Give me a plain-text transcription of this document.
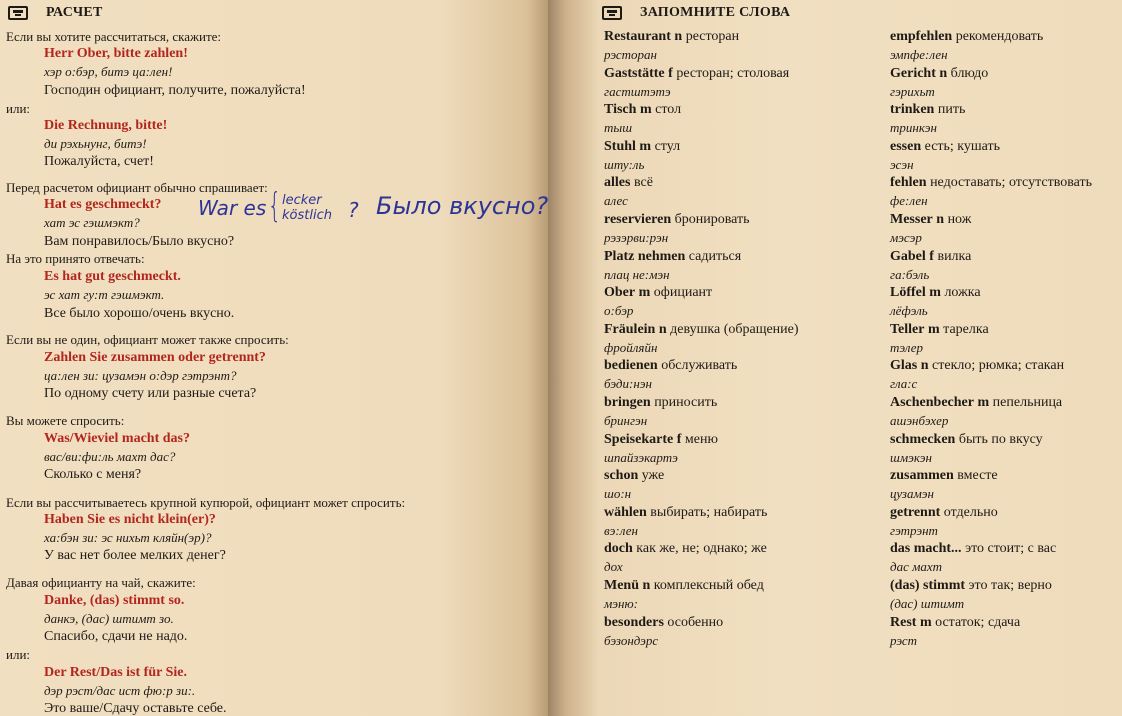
РАСЧЕТ
Если вы хотите рассчитаться, скажите:
Herr Ober, bitte zahlen!
хэр о:бэр, битэ ца:лен!
Господин официант, получите, пожалуйста!
или:
Die Rechnung, bitte!
ди рэхьнунг, битэ!
Пожалуйста, счет!
Перед расчетом официант обычно спрашивает:
Hat es geschmeckt?
хат эс гэшмэкт?
Вам понравилось/Было вкусно?
На это принято отвечать:
Es hat gut geschmeckt.
эс хат гу:т гэшмэкт.
Все было хорошо/очень вкусно.
Если вы не один, официант может также спросить:
Zahlen Sie zusammen oder getrennt?
ца:лен зи: цузамэн о:дэр гэтрэнт?
По одному счету или разные счета?
Вы можете спросить:
Was/Wieviel macht das?
вас/ви:фи:ль махт дас?
Сколько с меня?
Если вы рассчитываетесь крупной купюрой, официант может спросить:
Haben Sie es nicht klein(er)?
ха:бэн зи: эс нихьт кляйн(эр)?
У вас нет более мелких денег?
Давая официанту на чай, скажите:
Danke, (das) stimmt so.
данкэ, (дас) штимт зо.
Спасибо, сдачи не надо.
или:
Der Rest/Das ist für Sie.
дэр рэст/дас ист фю:р зи:.
Это ваше/Сдачу оставьте себе.
War es { lecker
köstlich ? Было вкусно?
ЗАПОМНИТЕ СЛОВА
Restaurant n ресторан
рэсторан
Gaststätte f ресторан; столовая
гастштэтэ
Tisch m стол
тыш
Stuhl m стул
шту:ль
alles всё
алес
reservieren бронировать
рэзэрви:рэн
Platz nehmen садиться
плац не:мэн
Ober m официант
о:бэр
Fräulein n девушка (обращение)
фройляйн
bedienen обслуживать
бэди:нэн
bringen приносить
брингэн
Speisekarte f меню
шпайзэкартэ
schon уже
шо:н
wählen выбирать; набирать
вэ:лен
doch как же, не; однако; же
дох
Menü n комплексный обед
мэню:
besonders особенно
бэзондэрс
empfehlen рекомендовать
эмпфе:лен
Gericht n блюдо
гэрихьт
trinken пить
тринкэн
essen есть; кушать
эсэн
fehlen недоставать; отсутствовать
фе:лен
Messer n нож
мэсэр
Gabel f вилка
га:бэль
Löffel m ложка
лёфэль
Teller m тарелка
тэлер
Glas n стекло; рюмка; стакан
гла:с
Aschenbecher m пепельница
ашэнбэхер
schmecken быть по вкусу
шмэкэн
zusammen вместе
цузамэн
getrennt отдельно
гэтрэнт
das macht... это стоит; с вас
дас махт
(das) stimmt это так; верно
(дас) штимт
Rest m остаток; сдача
рэст
